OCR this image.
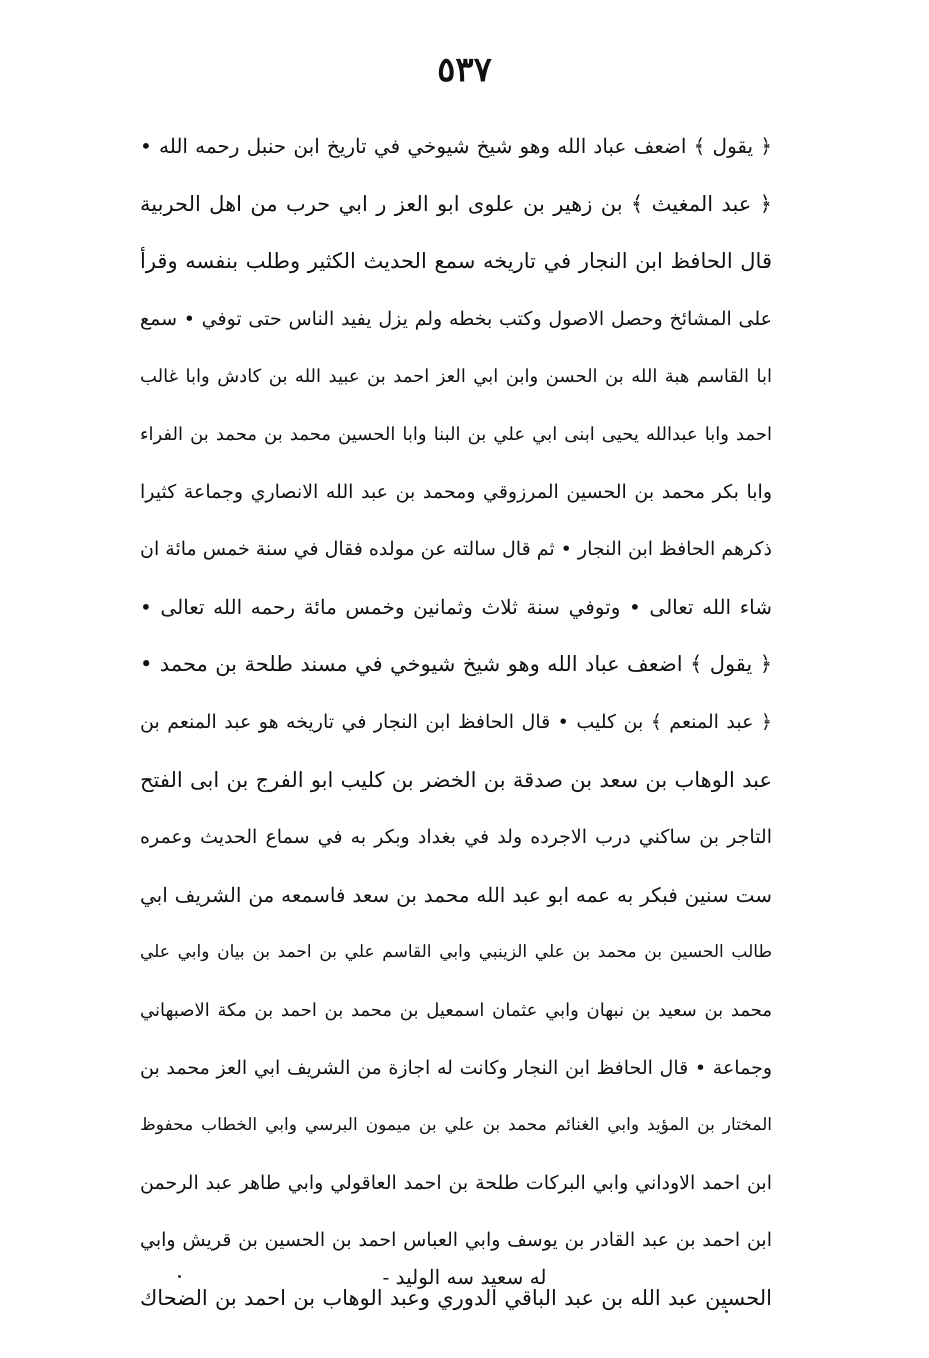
٥٣٧
﴿ يقول ﴾ اضعف عباد الله وهو شيخ شيوخي في تاريخ ابن حنبل رحمه الله •
﴿ عبد المغيث ﴾ بن زهير بن علوى ابو العز ر ابي حرب من اهل الحربية
قال الحافظ ابن النجار في تاريخه سمع الحديث الكثير وطلب بنفسه وقرأ
على المشائخ وحصل الاصول وكتب بخطه ولم يزل يفيد الناس حتى توفي • سمع
ابا القاسم هبة الله بن الحسن وابن ابي العز احمد بن عبيد الله بن كادش وابا غالب
احمد وابا عبدالله يحيى ابنى ابي علي بن البنا وابا الحسين محمد بن محمد بن الفراء
وابا بكر محمد بن الحسين المرزوقي ومحمد بن عبد الله الانصاري وجماعة كثيرا
ذكرهم الحافظ ابن النجار • ثم قال سالته عن مولده فقال في سنة خمس مائة ان
شاء الله تعالى • وتوفي سنة ثلاث وثمانين وخمس مائة رحمه الله تعالى •
﴿ يقول ﴾ اضعف عباد الله وهو شيخ شيوخي في مسند طلحة بن محمد •
﴿ عبد المنعم ﴾ بن كليب • قال الحافظ ابن النجار في تاريخه هو عبد المنعم بن
عبد الوهاب بن سعد بن صدقة بن الخضر بن كليب ابو الفرج بن ابى الفتح
التاجر بن ساكني درب الاجرده ولد في بغداد وبكر به في سماع الحديث وعمره
ست سنين فبكر به عمه ابو عبد الله محمد بن سعد فاسمعه من الشريف ابي
طالب الحسين بن محمد بن علي الزينبي وابي القاسم علي بن احمد بن بيان وابي علي
محمد بن سعيد بن نبهان وابي عثمان اسمعيل بن محمد بن احمد بن مكة الاصبهاني
وجماعة • قال الحافظ ابن النجار وكانت له اجازة من الشريف ابي العز محمد بن
المختار بن المؤيد وابي الغنائم محمد بن علي بن ميمون البرسي وابي الخطاب محفوظ
ابن احمد الاوداني وابي البركات طلحة بن احمد العاقولي وابي طاهر عبد الرحمن
ابن احمد بن عبد القادر بن يوسف وابي العباس احمد بن الحسين بن قريش وابي
الحسين عبد الله بن عبد الباقي الدوري وعبد الوهاب بن احمد بن الضحاك
له سعيد سه الوليد -
